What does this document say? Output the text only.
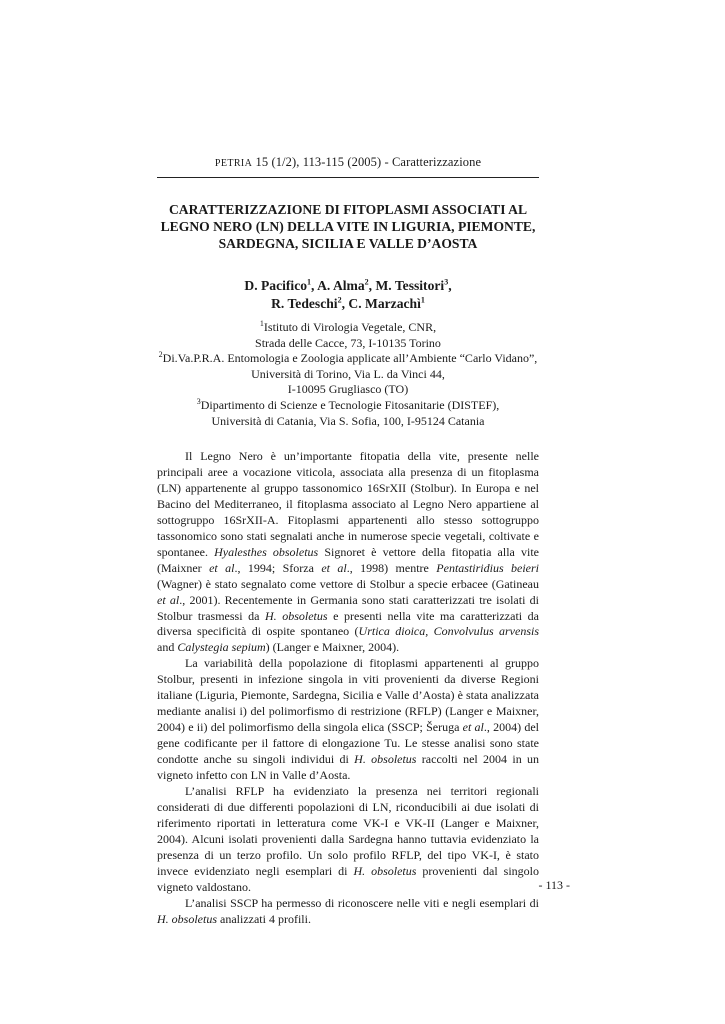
PETRIA 15 (1/2), 113-115 (2005) - Caratterizzazione
CARATTERIZZAZIONE DI FITOPLASMI ASSOCIATI AL
LEGNO NERO (LN) DELLA VITE IN LIGURIA, PIEMONTE,
SARDEGNA, SICILIA E VALLE D’AOSTA
D. Pacifico$^1$, A. Alma$^2$, M. Tessitori$^3$,
R. Tedeschi$^2$, C. Marzachì$^1$
$^1$Istituto di Virologia Vegetale, CNR,
Strada delle Cacce, 73, I-10135 Torino
$^2$Di.Va.P.R.A. Entomologia e Zoologia applicate all’Ambiente “Carlo Vidano”,
Università di Torino, Via L. da Vinci 44,
I-10095 Grugliasco (TO)
$^3$Dipartimento di Scienze e Tecnologie Fitosanitarie (DISTEF),
Università di Catania, Via S. Sofia, 100, I-95124 Catania

Il Legno Nero è un’importante fitopatia della vite, presente nelle principali aree a vocazione viticola, associata alla presenza di un fitoplasma (LN) appartenente al gruppo tassonomico 16SrXII (Stolbur). In Europa e nel Bacino del Mediterraneo, il fitoplasma associato al Legno Nero appartiene al sottogruppo 16SrXII-A. Fitoplasmi appartenenti allo stesso sottogruppo tassonomico sono stati segnalati anche in numerose specie vegetali, coltivate e spontanee. Hyalesthes obsoletus Signoret è vettore della fitopatia alla vite (Maixner et al., 1994; Sforza et al., 1998) mentre Pentastiridius beieri (Wagner) è stato segnalato come vettore di Stolbur a specie erbacee (Gatineau et al., 2001). Recentemente in Germania sono stati caratterizzati tre isolati di Stolbur trasmessi da H. obsoletus e presenti nella vite ma caratterizzati da diversa specificità di ospite spontaneo (Urtica dioica, Convolvulus arvensis and Calystegia sepium) (Langer e Maixner, 2004).

La variabilità della popolazione di fitoplasmi appartenenti al gruppo Stolbur, presenti in infezione singola in viti provenienti da diverse Regioni italiane (Liguria, Piemonte, Sardegna, Sicilia e Valle d’Aosta) è stata analizzata mediante analisi i) del polimorfismo di restrizione (RFLP) (Langer e Maixner, 2004) e ii) del polimorfismo della singola elica (SSCP; Šeruga et al., 2004) del gene codificante per il fattore di elongazione Tu. Le stesse analisi sono state condotte anche su singoli individui di H. obsoletus raccolti nel 2004 in un vigneto infetto con LN in Valle d’Aosta.

L’analisi RFLP ha evidenziato la presenza nei territori regionali considerati di due differenti popolazioni di LN, riconducibili ai due isolati di riferimento riportati in letteratura come VK-I e VK-II (Langer e Maixner, 2004). Alcuni isolati provenienti dalla Sardegna hanno tuttavia evidenziato la presenza di un terzo profilo. Un solo profilo RFLP, del tipo VK-I, è stato invece evidenziato negli esemplari di H. obsoletus provenienti dal singolo vigneto valdostano.

L’analisi SSCP ha permesso di riconoscere nelle viti e negli esemplari di H. obsoletus analizzati 4 profili.

- 113 -
